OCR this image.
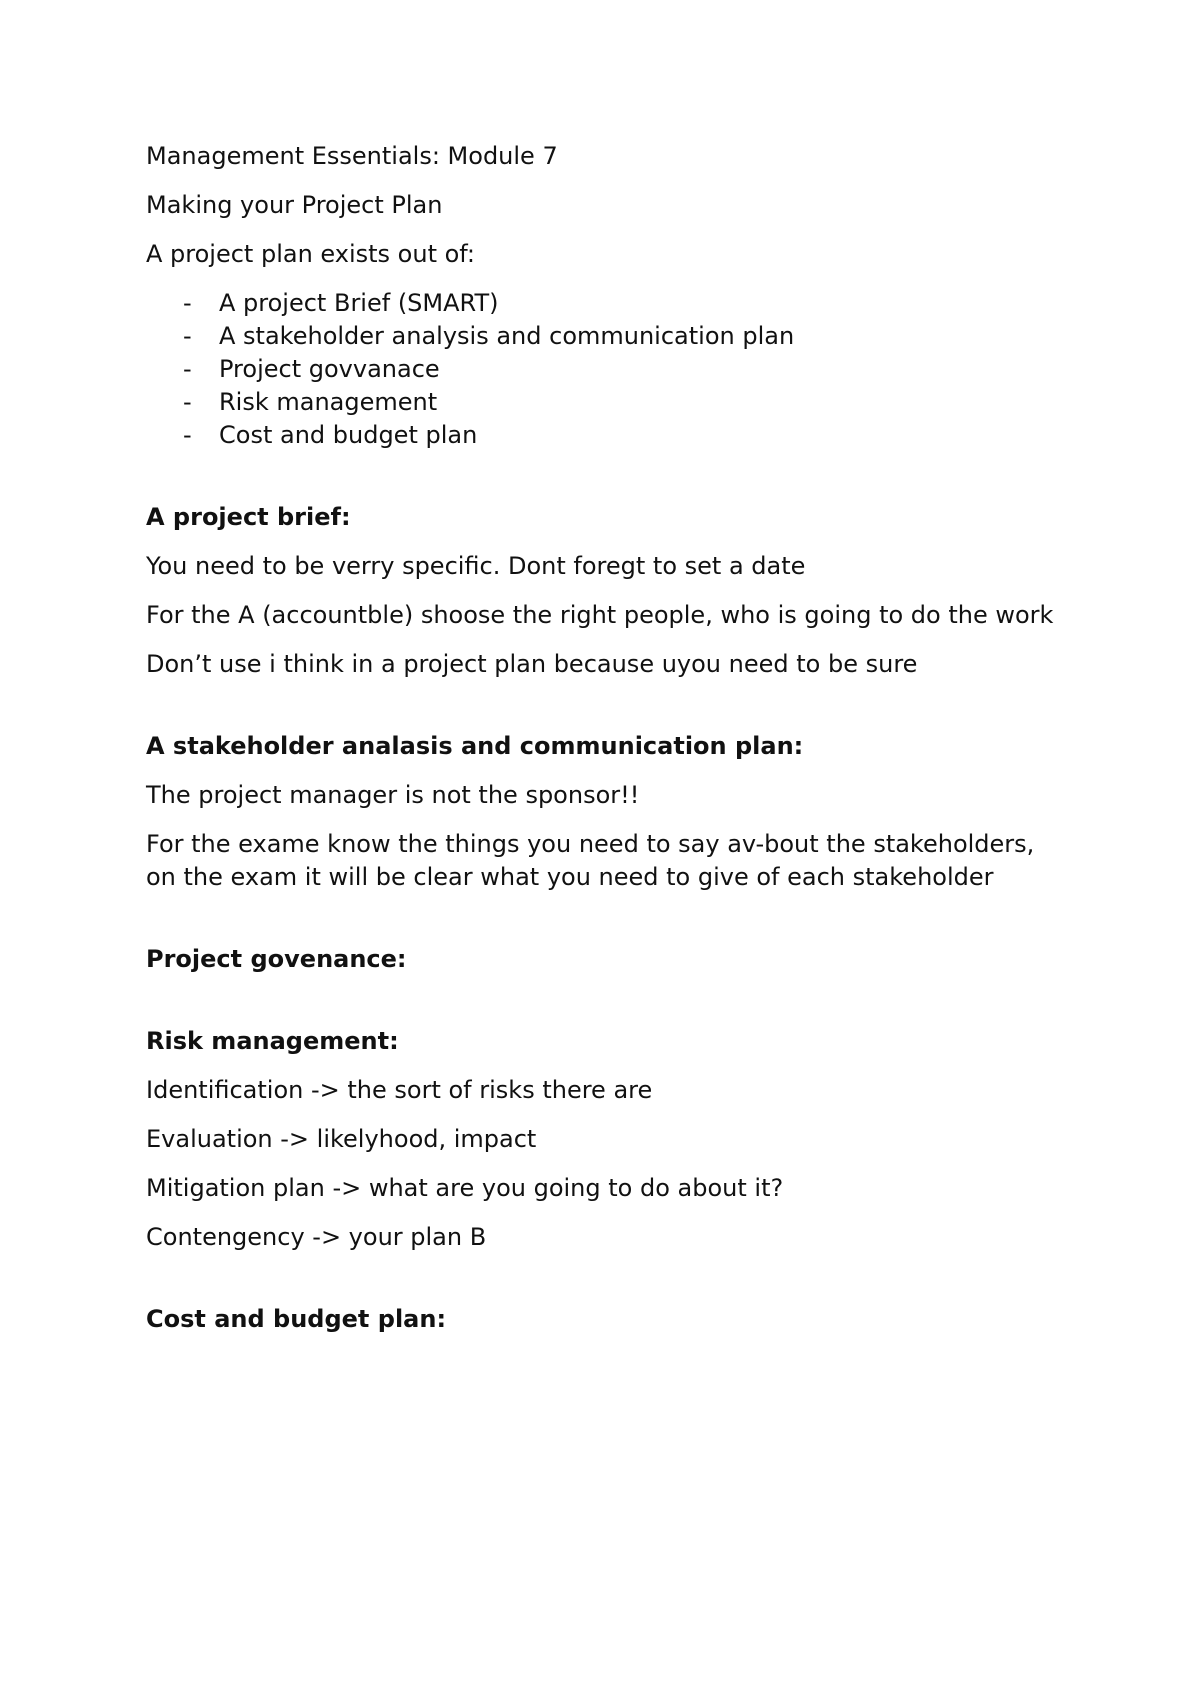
Management Essentials: Module 7

Making your Project Plan

A project plan exists out of:

- A project Brief (SMART)
- A stakeholder analysis and communication plan
- Project govvanace
- Risk management
- Cost and budget plan

A project brief:

You need to be verry specific. Dont foregt to set a date

For the A (accountble) shoose the right people, who is going to do the work

Don’t use i think in a project plan because uyou need to be sure

A stakeholder analasis and communication plan:

The project manager is not the sponsor!!

For the exame know the things you need to say av-bout the stakeholders, on the exam it will be clear what you need to give of each stakeholder

Project govenance:

Risk management:

Identification -> the sort of risks there are

Evaluation -> likelyhood, impact

Mitigation plan -> what are you going to do about it?

Contengency -> your plan B

Cost and budget plan:
